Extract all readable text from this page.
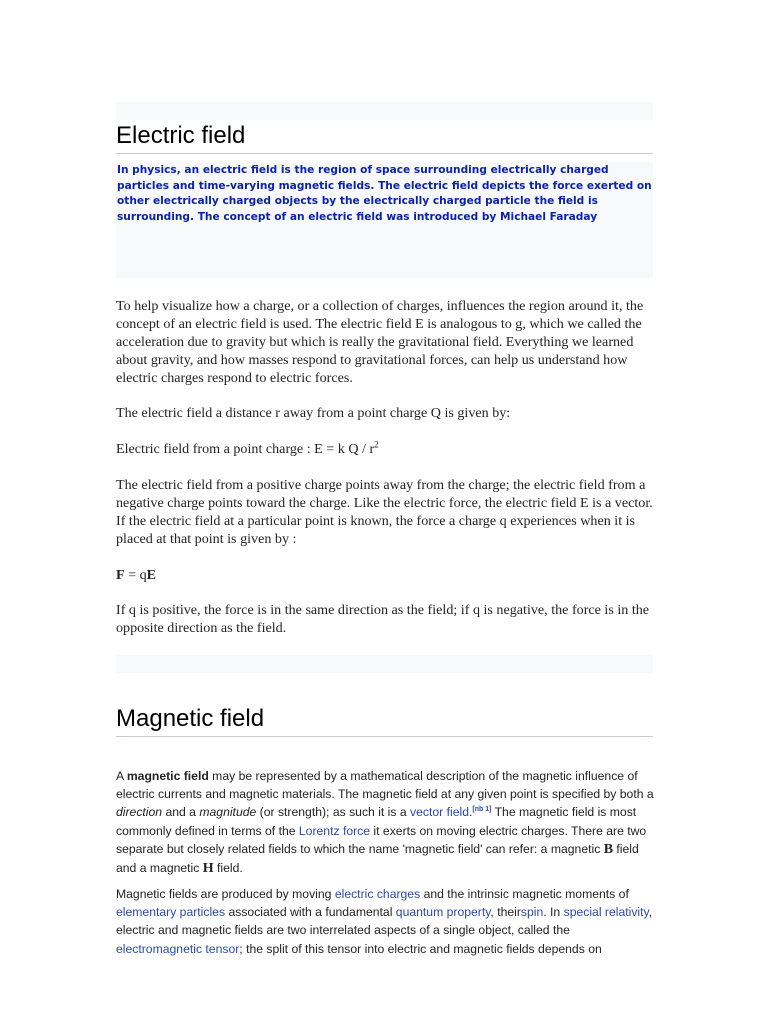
Electric field

In physics, an electric field is the region of space surrounding electrically charged particles and time-varying magnetic fields. The electric field depicts the force exerted on other electrically charged objects by the electrically charged particle the field is surrounding. The concept of an electric field was introduced by Michael Faraday

To help visualize how a charge, or a collection of charges, influences the region around it, the concept of an electric field is used. The electric field E is analogous to g, which we called the acceleration due to gravity but which is really the gravitational field. Everything we learned about gravity, and how masses respond to gravitational forces, can help us understand how electric charges respond to electric forces.

The electric field a distance r away from a point charge Q is given by:

Electric field from a point charge : E = k Q / $r^2$

The electric field from a positive charge points away from the charge; the electric field from a negative charge points toward the charge. Like the electric force, the electric field E is a vector. If the electric field at a particular point is known, the force a charge q experiences when it is placed at that point is given by :

F = qE

If q is positive, the force is in the same direction as the field; if q is negative, the force is in the opposite direction as the field.

Magnetic field

A magnetic field may be represented by a mathematical description of the magnetic influence of electric currents and magnetic materials. The magnetic field at any given point is specified by both a direction and a magnitude (or strength); as such it is a vector field.[nb 1] The magnetic field is most commonly defined in terms of the Lorentz force it exerts on moving electric charges. There are two separate but closely related fields to which the name 'magnetic field' can refer: a magnetic B field and a magnetic H field.

Magnetic fields are produced by moving electric charges and the intrinsic magnetic moments of elementary particles associated with a fundamental quantum property, theirspin. In special relativity, electric and magnetic fields are two interrelated aspects of a single object, called the electromagnetic tensor; the split of this tensor into electric and magnetic fields depends on
